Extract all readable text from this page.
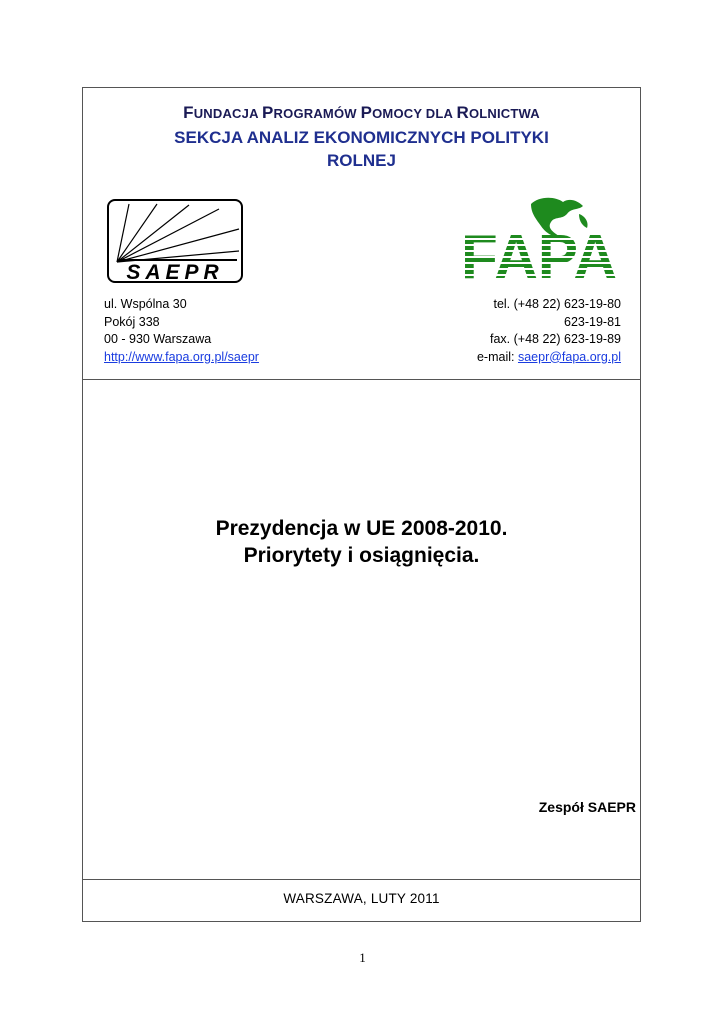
FUNDACJA PROGRAMÓW POMOCY DLA ROLNICTWA
SEKCJA ANALIZ EKONOMICZNYCH POLITYKI
ROLNEJ
SAEPR
ul. Wspólna 30
Pokój 338
00 - 930 Warszawa
http://www.fapa.org.pl/saepr
tel. (+48 22) 623-19-80
623-19-81
fax. (+48 22) 623-19-89
e-mail: saepr@fapa.org.pl
Prezydencja w UE 2008-2010.
Priorytety i osiągnięcia.
Zespół SAEPR
WARSZAWA, LUTY 2011
1
